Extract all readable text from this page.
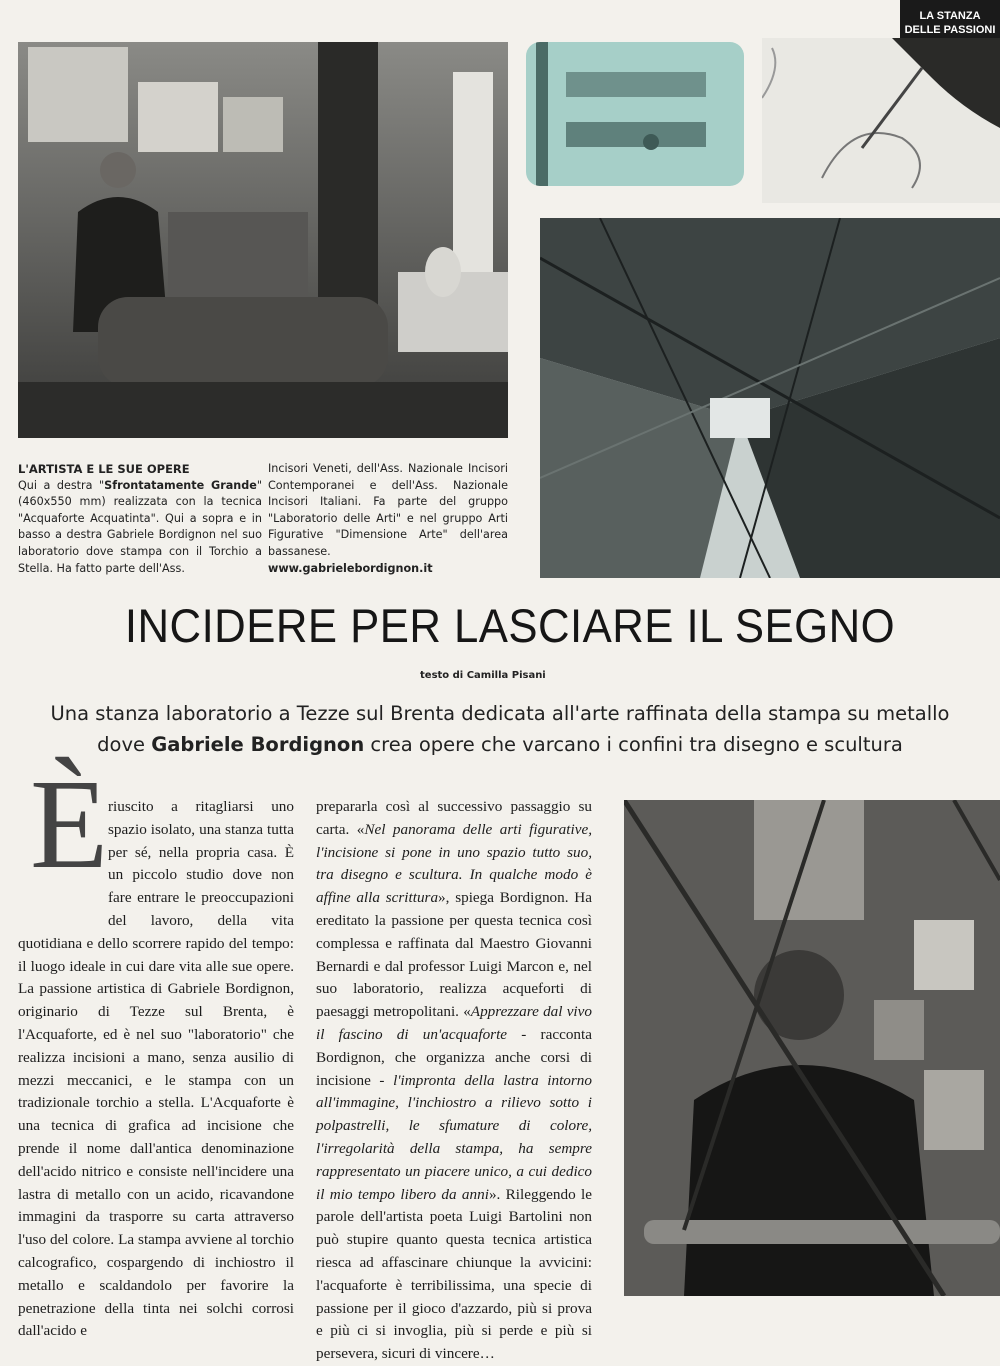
LA STANZA
DELLE PASSIONI
L'ARTISTA E LE SUE OPERE
Qui a destra "Sfrontatamente Grande" (460x550 mm) realizzata con la tecnica "Acquaforte Acquatinta". Qui a sopra e in basso a destra Gabriele Bordignon nel suo laboratorio dove stampa con il Torchio a Stella. Ha fatto parte dell'Ass.
Incisori Veneti, dell'Ass. Nazionale Incisori Contemporanei e dell'Ass. Nazionale Incisori Italiani. Fa parte del gruppo "Laboratorio delle Arti" e nel gruppo Arti Figurative "Dimensione Arte" dell'area bassanese.
www.gabrielebordignon.it
INCIDERE PER LASCIARE IL SEGNO
testo di Camilla Pisani
Una stanza laboratorio a Tezze sul Brenta dedicata all'arte raffinata della stampa su metallo dove Gabriele Bordignon crea opere che varcano i confini tra disegno e scultura
È riuscito a ritagliarsi uno spazio isolato, una stanza tutta per sé, nella propria casa. È un piccolo studio dove non fare entrare le preoccupazioni del lavoro, della vita quotidiana e dello scorrere rapido del tempo: il luogo ideale in cui dare vita alle sue opere. La passione artistica di Gabriele Bordignon, originario di Tezze sul Brenta, è l'Acquaforte, ed è nel suo "laboratorio" che realizza incisioni a mano, senza ausilio di mezzi meccanici, e le stampa con un tradizionale torchio a stella. L'Acquaforte è una tecnica di grafica ad incisione che prende il nome dall'antica denominazione dell'acido nitrico e consiste nell'incidere una lastra di metallo con un acido, ricavandone immagini da trasporre su carta attraverso l'uso del colore. La stampa avviene al torchio calcografico, cospargendo di inchiostro il metallo e scaldandolo per favorire la penetrazione della tinta nei solchi corrosi dall'acido e
prepararla così al successivo passaggio su carta. «Nel panorama delle arti figurative, l'incisione si pone in uno spazio tutto suo, tra disegno e scultura. In qualche modo è affine alla scrittura», spiega Bordignon. Ha ereditato la passione per questa tecnica così complessa e raffinata dal Maestro Giovanni Bernardi e dal professor Luigi Marcon e, nel suo laboratorio, realizza acqueforti di paesaggi metropolitani. «Apprezzare dal vivo il fascino di un'acquaforte - racconta Bordignon, che organizza anche corsi di incisione - l'impronta della lastra intorno all'immagine, l'inchiostro a rilievo sotto i polpastrelli, le sfumature di colore, l'irregolarità della stampa, ha sempre rappresentato un piacere unico, a cui dedico il mio tempo libero da anni». Rileggendo le parole dell'artista poeta Luigi Bartolini non può stupire quanto questa tecnica artistica riesca ad affascinare chiunque la avvicini: l'acquaforte è terribilissima, una specie di passione per il gioco d'azzardo, più si prova e più ci si invoglia, più si perde e più si persevera, sicuri di vincere…
